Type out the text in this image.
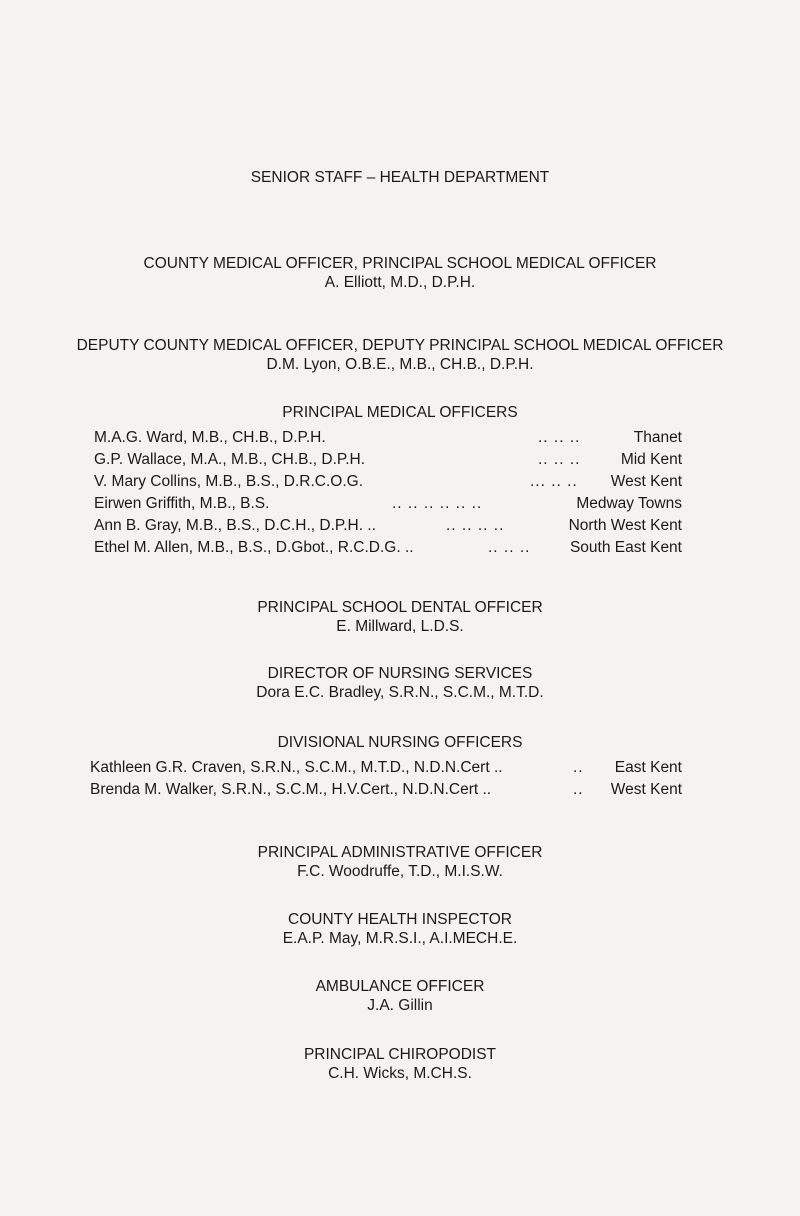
SENIOR STAFF – HEALTH DEPARTMENT
COUNTY MEDICAL OFFICER, PRINCIPAL SCHOOL MEDICAL OFFICER
A. Elliott, M.D., D.P.H.
DEPUTY COUNTY MEDICAL OFFICER, DEPUTY PRINCIPAL SCHOOL MEDICAL OFFICER
D.M. Lyon, O.B.E., M.B., CH.B., D.P.H.
PRINCIPAL MEDICAL OFFICERS
M.A.G. Ward, M.B., CH.B., D.P.H.	.. .. ..	Thanet
G.P. Wallace, M.A., M.B., CH.B., D.P.H.	.. .. ..	Mid Kent
V. Mary Collins, M.B., B.S., D.R.C.O.G.	... .. .. West Kent
Eirwen Griffith, M.B., B.S.	.. .. .. .. .. ..	Medway Towns
Ann B. Gray, M.B., B.S., D.C.H., D.P.H. ..	.. .. .. ..	North West Kent
Ethel M. Allen, M.B., B.S., D.Gbot., R.C.D.G. ..	.. .. ..	South East Kent
PRINCIPAL SCHOOL DENTAL OFFICER
E. Millward, L.D.S.
DIRECTOR OF NURSING SERVICES
Dora E.C. Bradley, S.R.N., S.C.M., M.T.D.
DIVISIONAL NURSING OFFICERS
Kathleen G.R. Craven, S.R.N., S.C.M., M.T.D., N.D.N.Cert ..	.. East Kent
Brenda M. Walker, S.R.N., S.C.M., H.V.Cert., N.D.N.Cert ..	.. West Kent
PRINCIPAL ADMINISTRATIVE OFFICER
F.C. Woodruffe, T.D., M.I.S.W.
COUNTY HEALTH INSPECTOR
E.A.P. May, M.R.S.I., A.I.MECH.E.
AMBULANCE OFFICER
J.A. Gillin
PRINCIPAL CHIROPODIST
C.H. Wicks, M.CH.S.
